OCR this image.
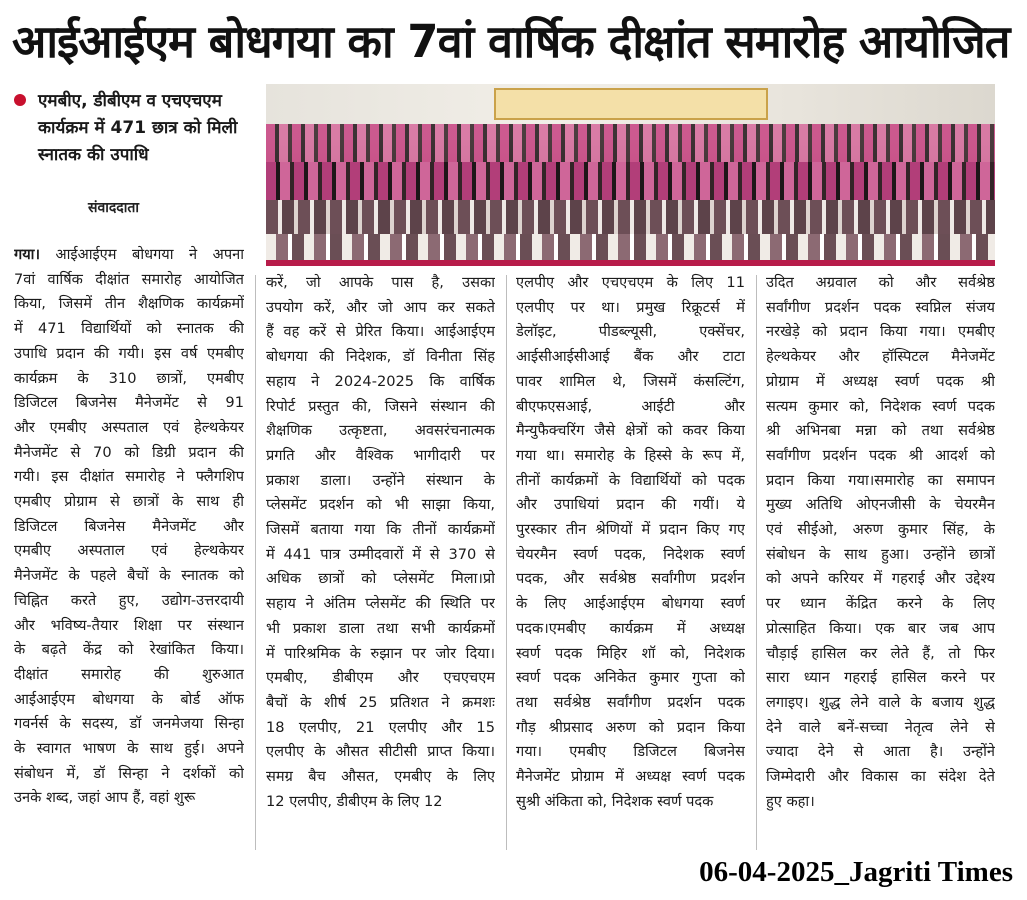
आईआईएम बोधगया का 7वां वार्षिक दीक्षांत समारोह आयोजित
एमबीए, डीबीएम व एचएचएम कार्यक्रम में 471 छात्र को मिली स्नातक की उपाधि
संवाददाता
गया। आईआईएम बोधगया ने अपना
7वां वार्षिक दीक्षांत समारोह आयोजित
किया, जिसमें तीन शैक्षणिक कार्यक्रमों
में 471 विद्यार्थियों को स्नातक की
उपाधि प्रदान की गयी। इस वर्ष एमबीए
कार्यक्रम के 310 छात्रों, एमबीए
डिजिटल बिजनेस मैनेजमेंट से 91
और एमबीए अस्पताल एवं हेल्थकेयर
मैनेजमेंट से 70 को डिग्री प्रदान की
गयी। इस दीक्षांत समारोह ने फ्लैगशिप
एमबीए प्रोग्राम से छात्रों के साथ ही
डिजिटल बिजनेस मैनेजमेंट और
एमबीए अस्पताल एवं हेल्थकेयर
मैनेजमेंट के पहले बैचों के स्नातक को
चिह्नित करते हुए, उद्योग-उत्तरदायी
और भविष्य-तैयार शिक्षा पर संस्थान
के बढ़ते केंद्र को रेखांकित किया।
दीक्षांत समारोह की शुरुआत
आईआईएम बोधगया के बोर्ड ऑफ
गवर्नर्स के सदस्य, डॉ जनमेजया सिन्हा
के स्वागत भाषण के साथ हुई। अपने
संबोधन में, डॉ सिन्हा ने दर्शकों को
उनके शब्द, जहां आप हैं, वहां शुरू
करें, जो आपके पास है, उसका
उपयोग करें, और जो आप कर सकते
हैं वह करें से प्रेरित किया। आईआईएम
बोधगया की निदेशक, डॉ विनीता सिंह
सहाय ने 2024-2025 कि वार्षिक
रिपोर्ट प्रस्तुत की, जिसने संस्थान की
शैक्षणिक उत्कृष्टता, अवसरंचनात्मक
प्रगति और वैश्विक भागीदारी पर
प्रकाश डाला। उन्होंने संस्थान के
प्लेसमेंट प्रदर्शन को भी साझा किया,
जिसमें बताया गया कि तीनों कार्यक्रमों
में 441 पात्र उम्मीदवारों में से 370 से
अधिक छात्रों को प्लेसमेंट मिला।प्रो
सहाय ने अंतिम प्लेसमेंट की स्थिति पर
भी प्रकाश डाला तथा सभी कार्यक्रमों
में पारिश्रमिक के रुझान पर जोर दिया।
एमबीए, डीबीएम और एचएचएम
बैचों के शीर्ष 25 प्रतिशत ने क्रमशः
18 एलपीए, 21 एलपीए और 15
एलपीए के औसत सीटीसी प्राप्त किया।
समग्र बैच औसत, एमबीए के लिए
12 एलपीए, डीबीएम के लिए 12
एलपीए और एचएचएम के लिए 11
एलपीए पर था। प्रमुख रिक्रूटर्स में
डेलॉइट, पीडब्ल्यूसी, एक्सेंचर,
आईसीआईसीआई बैंक और टाटा
पावर शामिल थे, जिसमें कंसल्टिंग,
बीएफएसआई, आईटी और
मैन्युफैक्चरिंग जैसे क्षेत्रों को कवर किया
गया था। समारोह के हिस्से के रूप में,
तीनों कार्यक्रमों के विद्यार्थियों को पदक
और उपाधियां प्रदान की गयीं। ये
पुरस्कार तीन श्रेणियों में प्रदान किए गए
चेयरमैन स्वर्ण पदक, निदेशक स्वर्ण
पदक, और सर्वश्रेष्ठ सर्वांगीण प्रदर्शन
के लिए आईआईएम बोधगया स्वर्ण
पदक।एमबीए कार्यक्रम में अध्यक्ष
स्वर्ण पदक मिहिर शॉ को, निदेशक
स्वर्ण पदक अनिकेत कुमार गुप्ता को
तथा सर्वश्रेष्ठ सर्वांगीण प्रदर्शन पदक
गौड़ श्रीप्रसाद अरुण को प्रदान किया
गया। एमबीए डिजिटल बिजनेस
मैनेजमेंट प्रोग्राम में अध्यक्ष स्वर्ण पदक
सुश्री अंकिता को, निदेशक स्वर्ण पदक
उदित अग्रवाल को और सर्वश्रेष्ठ
सर्वांगीण प्रदर्शन पदक स्वप्निल संजय
नरखेड़े को प्रदान किया गया। एमबीए
हेल्थकेयर और हॉस्पिटल मैनेजमेंट
प्रोग्राम में अध्यक्ष स्वर्ण पदक श्री
सत्यम कुमार को, निदेशक स्वर्ण पदक
श्री अभिनबा मन्ना को तथा सर्वश्रेष्ठ
सर्वांगीण प्रदर्शन पदक श्री आदर्श को
प्रदान किया गया।समारोह का समापन
मुख्य अतिथि ओएनजीसी के चेयरमैन
एवं सीईओ, अरुण कुमार सिंह, के
संबोधन के साथ हुआ। उन्होंने छात्रों
को अपने करियर में गहराई और उद्देश्य
पर ध्यान केंद्रित करने के लिए
प्रोत्साहित किया। एक बार जब आप
चौड़ाई हासिल कर लेते हैं, तो फिर
सारा ध्यान गहराई हासिल करने पर
लगाइए। शुद्ध लेने वाले के बजाय शुद्ध
देने वाले बनें-सच्चा नेतृत्व लेने से
ज्यादा देने से आता है। उन्होंने
जिम्मेदारी और विकास का संदेश देते
हुए कहा।
06-04-2025_Jagriti Times
